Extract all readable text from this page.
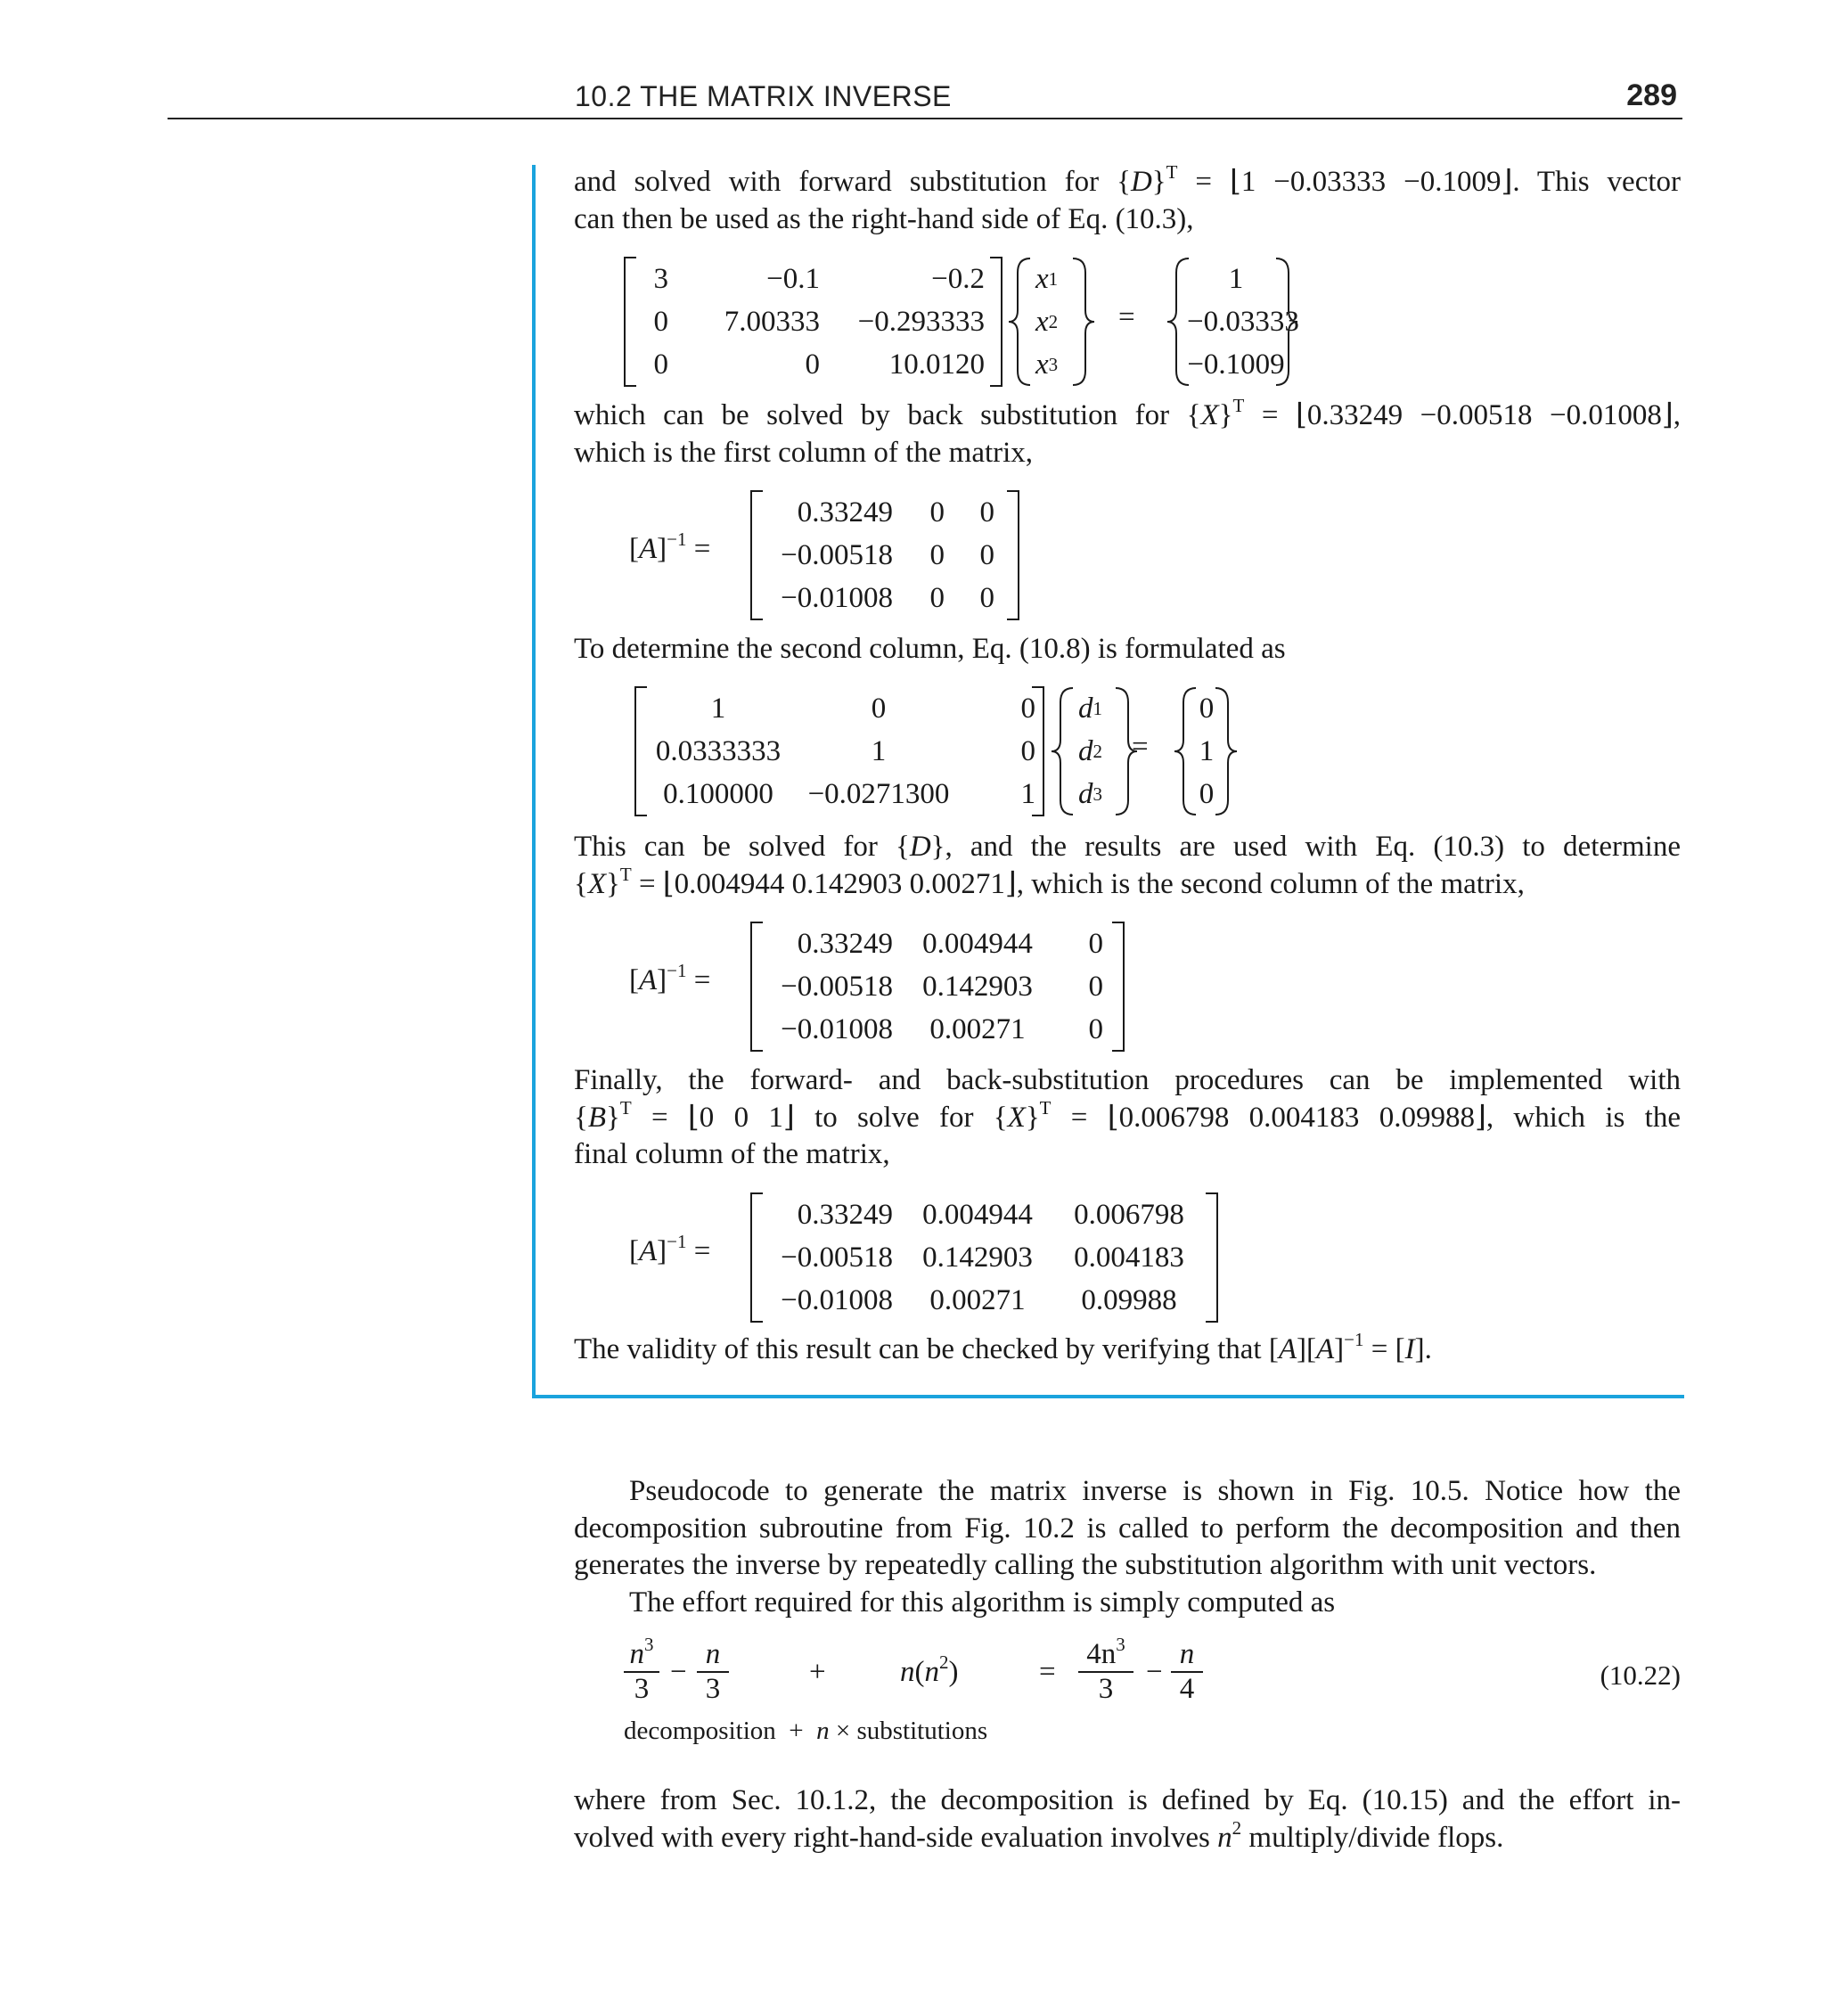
10.2 THE MATRIX INVERSE	289

and solved with forward substitution for $\{D\}^T$ = ⌊1 −0.03333 −0.1009⌋. This vector

can then be used as the right-hand side of Eq. (10.3),

3	−0.1	−0.2
0	7.00333	−0.293333
0	0	10.0120
x 1
x 2
x 3
=
1
−0.03333
−0.1009

which can be solved by back substitution for $\{X\}^T$ = ⌊0.33249 −0.00518 −0.01008⌋,

which is the first column of the matrix,

$[A]^{-1}$ =
0.33249	0	0
−0.00518	0	0
−0.01008	0	0

To determine the second column, Eq. (10.8) is formulated as

1	0	0
0.0333333	1	0
0.100000	−0.0271300	1
d 1
d 2
d 3
=
0
1
0

This can be solved for {D}, and the results are used with Eq. (10.3) to determine

$\{X\}^T$ = ⌊0.004944 0.142903 0.00271⌋, which is the second column of the matrix,

$[A]^{-1}$ =
0.33249	0.004944	0
−0.00518	0.142903	0
−0.01008	0.00271	0

Finally, the forward- and back-substitution procedures can be implemented with

$\{B\}^T$ = ⌊0 0 1⌋ to solve for $\{X\}^T$ = ⌊0.006798 0.004183 0.09988⌋, which is the

final column of the matrix,

$[A]^{-1}$ =
0.33249	0.004944	0.006798
−0.00518	0.142903	0.004183
−0.01008	0.00271	0.09988

The validity of this result can be checked by verifying that $[A][A]^{-1} = [I]$.

Pseudocode to generate the matrix inverse is shown in Fig. 10.5. Notice how the decomposition subroutine from Fig. 10.2 is called to perform the decomposition and then generates the inverse by repeatedly calling the substitution algorithm with unit vectors.

The effort required for this algorithm is simply computed as

$\frac{n^3}{3} - \frac{n}{3}$	+	$n(n^2)$	= $\frac{4n^3}{3} - \frac{n}{4}$
decomposition + n × substitutions
(10.22)

where from Sec. 10.1.2, the decomposition is defined by Eq. (10.15) and the effort in-

volved with every right-hand-side evaluation involves $n^2$ multiply/divide flops.
